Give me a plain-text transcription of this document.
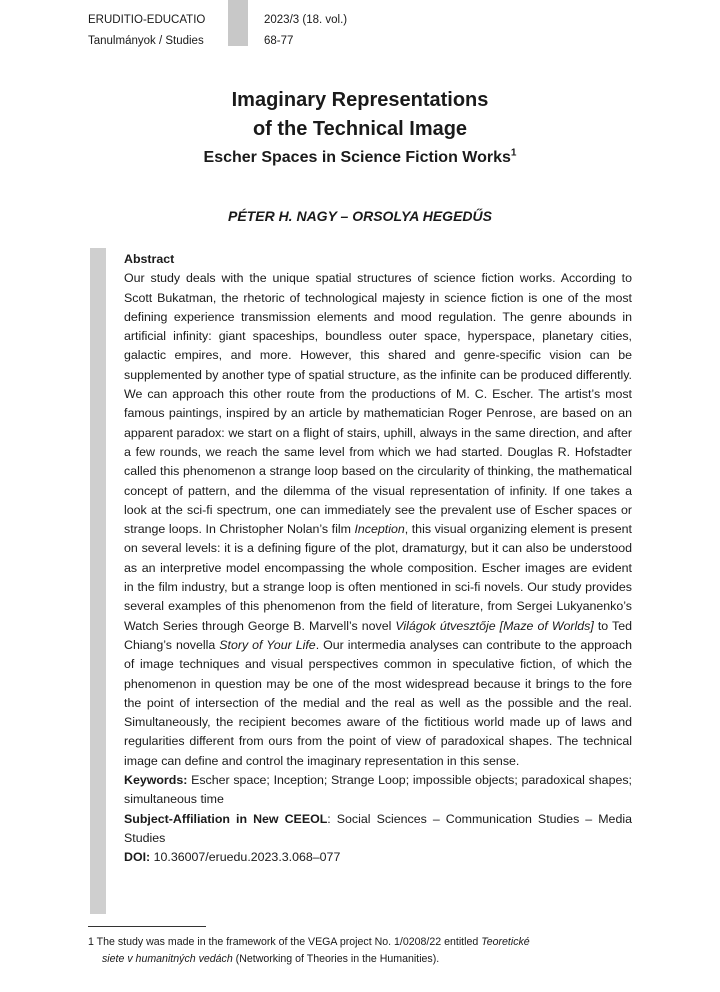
ERUDITIO-EDUCATIO
Tanulmányok / Studies
2023/3 (18. vol.)
68-77
Imaginary Representations
of the Technical Image
Escher Spaces in Science Fiction Works$^1$
PÉTER H. NAGY – ORSOLYA HEGEDŰS
Abstract

Our study deals with the unique spatial structures of science fiction works. According to Scott Bukatman, the rhetoric of technological majesty in science fiction is one of the most defining experience transmission elements and mood regulation. The genre abounds in artificial infinity: giant spaceships, boundless outer space, hyperspace, planetary cities, galactic empires, and more. However, this shared and genre-specific vision can be supplemented by another type of spatial structure, as the infinite can be produced differently. We can approach this other route from the productions of M. C. Escher. The artist’s most famous paintings, inspired by an article by mathematician Roger Penrose, are based on an apparent paradox: we start on a flight of stairs, uphill, always in the same direction, and after a few rounds, we reach the same level from which we had started. Douglas R. Hofstadter called this phenomenon a strange loop based on the circularity of thinking, the mathematical concept of pattern, and the dilemma of the visual representation of infinity. If one takes a look at the sci-fi spectrum, one can immediately see the prevalent use of Escher spaces or strange loops. In Christopher Nolan’s film Inception, this visual organizing element is present on several levels: it is a defining figure of the plot, dramaturgy, but it can also be understood as an interpretive model encompassing the whole composition. Escher images are evident in the film industry, but a strange loop is often mentioned in sci-fi novels. Our study provides several examples of this phenomenon from the field of literature, from Sergei Lukyanenko’s Watch Series through George B. Marvell’s novel Világok útvesztője [Maze of Worlds] to Ted Chiang’s novella Story of Your Life. Our intermedia analyses can contribute to the approach of image techniques and visual perspectives common in speculative fiction, of which the phenomenon in question may be one of the most widespread because it brings to the fore the point of intersection of the medial and the real as well as the possible and the real. Simultaneously, the recipient becomes aware of the fictitious world made up of laws and regularities different from ours from the point of view of paradoxical shapes. The technical image can define and control the imaginary representation in this sense.

Keywords: Escher space; Inception; Strange Loop; impossible objects; paradoxical shapes; simultaneous time

Subject-Affiliation in New CEEOL: Social Sciences – Communication Studies – Media Studies

DOI: 10.36007/eruedu.2023.3.068–077

1 The study was made in the framework of the VEGA project No. 1/0208/22 entitled Teoretické
siete v humanitných vedách (Networking of Theories in the Humanities).
